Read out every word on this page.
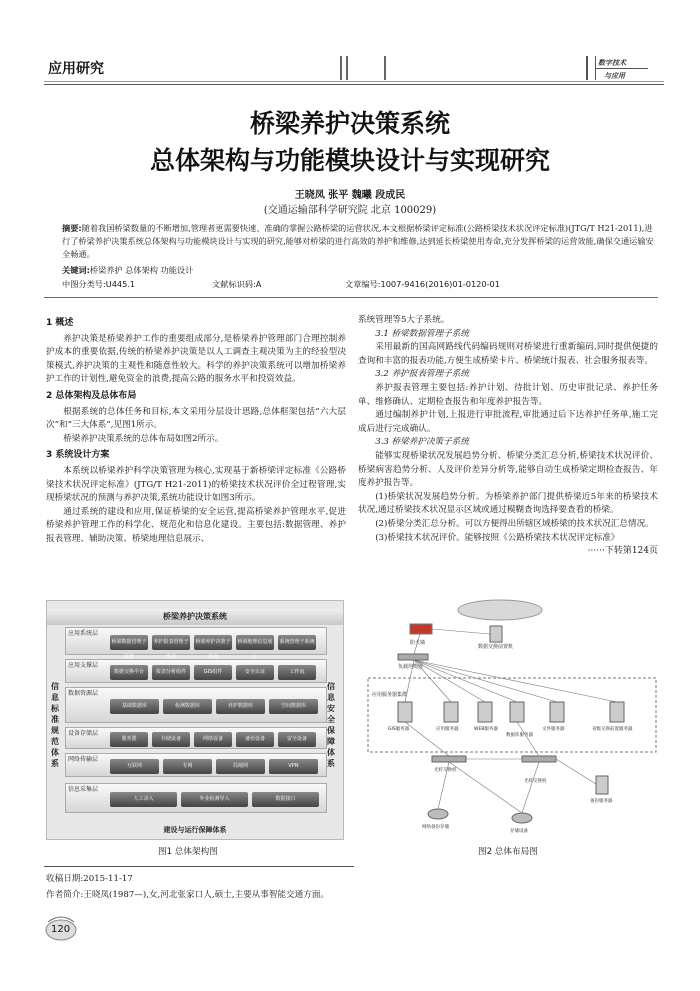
应用研究	数字技术
与应用
桥梁养护决策系统
总体架构与功能模块设计与实现研究
王晓凤 张平 魏曦 段成民
(交通运输部科学研究院 北京 100029)
摘要:随着我国桥梁数量的不断增加,管理者更需要快速、准确的掌握公路桥梁的运营状况,本文根据桥梁评定标准(公路桥梁技术状况评定标准)(JTG/T H21-2011),进行了桥梁养护决策系统总体架构与功能模块设计与实现的研究,能够对桥梁的进行高效的养护和维修,达到延长桥梁使用寿命,充分发挥桥梁的运营效能,确保交通运输安全畅通。
关键词:桥梁养护 总体架构 功能设计
中图分类号:U445.1	文献标识码:A	文章编号:1007-9416(2016)01-0120-01
1 概述

养护决策是桥梁养护工作的重要组成部分,是桥梁养护管理部门合理控制养护成本的重要依据,传统的桥梁养护决策是以人工调查主观决策为主的经验型决策模式,养护决策的主观性和随意性较大。科学的养护决策系统可以增加桥梁养护工作的计划性,避免资金的浪费,提高公路的服务水平和投资效益。

2 总体架构及总体布局

根据系统的总体任务和目标,本文采用分层设计思路,总体框架包括“六大层次”和“三大体系”,见图1所示。

桥梁养护决策系统的总体布局如图2所示。

3 系统设计方案

本系统以桥梁养护科学决策管理为核心,实现基于新桥梁评定标准《公路桥梁技术状况评定标准》(JTG/T H21-2011)的桥梁技术状况评价全过程管理,实现桥梁状况的预测与养护决策,系统功能设计如图3所示。

通过系统的建设和应用,保证桥梁的安全运营,提高桥梁养护管理水平,促进桥梁养护管理工作的科学化、规范化和信息化建设。主要包括:数据管理、养护报表管理、辅助决策、桥梁地理信息展示、

系统管理等5大子系统。

3.1 桥梁数据管理子系统

采用最新的国高网路线代码编码规则对桥梁进行重新编码,同时提供便捷的查询和丰富的报表功能,方便生成桥梁卡片、桥梁统计报表、社会服务报表等。

3.2 养护报表管理子系统

养护报表管理主要包括:养护计划、待批计划、历史审批记录、养护任务单、维修确认、定期检查报告和年度养护报告等。

通过编制养护计划,上报进行审批流程,审批通过后下达养护任务单,施工完成后进行完成确认。

3.3 桥梁养护决策子系统

能够实现桥梁状况发展趋势分析、桥梁分类汇总分析,桥梁技术状况评价、桥梁病害趋势分析、人及评价差异分析等,能够自动生成桥梁定期检查报告、年度养护报告等。

(1)桥梁状况发展趋势分析。为桥梁养护部门提供桥梁近5年来的桥梁技术状况,通过桥梁技术状况显示区域或通过模糊查询选择要查看的桥梁。

(2)桥梁分类汇总分析。可以方便得出所辖区域桥梁的技术状况汇总情况。

(3)桥梁技术状况评价。能够按照《公路桥梁技术状况评定标准》

······下转第124页
桥梁养护决策系统
信息标准规范体系
信息安全保障体系
应用系统层
桥梁数据管理子系统
养护报表管理子系统
桥梁养护决策子系统
桥梁地理信息展示
系统管理子系统
应用支撑层
数据交换平台	报表分析组件	GIS组件	安全认证	工作流
数据资源层
基础数据库	检测数据库	养护数据库	空间数据库
设备存储层
服务器	存储设备	网络设备	备份设备	安全设备
网络传输层
互联网	专网	局域网	VPN
信息采集层
人工录入	外业检测导入	数据接口
建设与运行保障体系
图1 总体架构图
防火墙
数据交换前置机
负载均衡器
应用服务器集群
GIS服务器	应用服务器	WEB服务器
数据库服务器
文件服务器	省级交换前置服务器
光纤交换机
光纤交换机
备份服务器
网络备份存储
存储设备
图2 总体布局图
收稿日期:2015-11-17
作者简介:王晓凤(1987—),女,河北张家口人,硕士,主要从事智能交通方面。
120
